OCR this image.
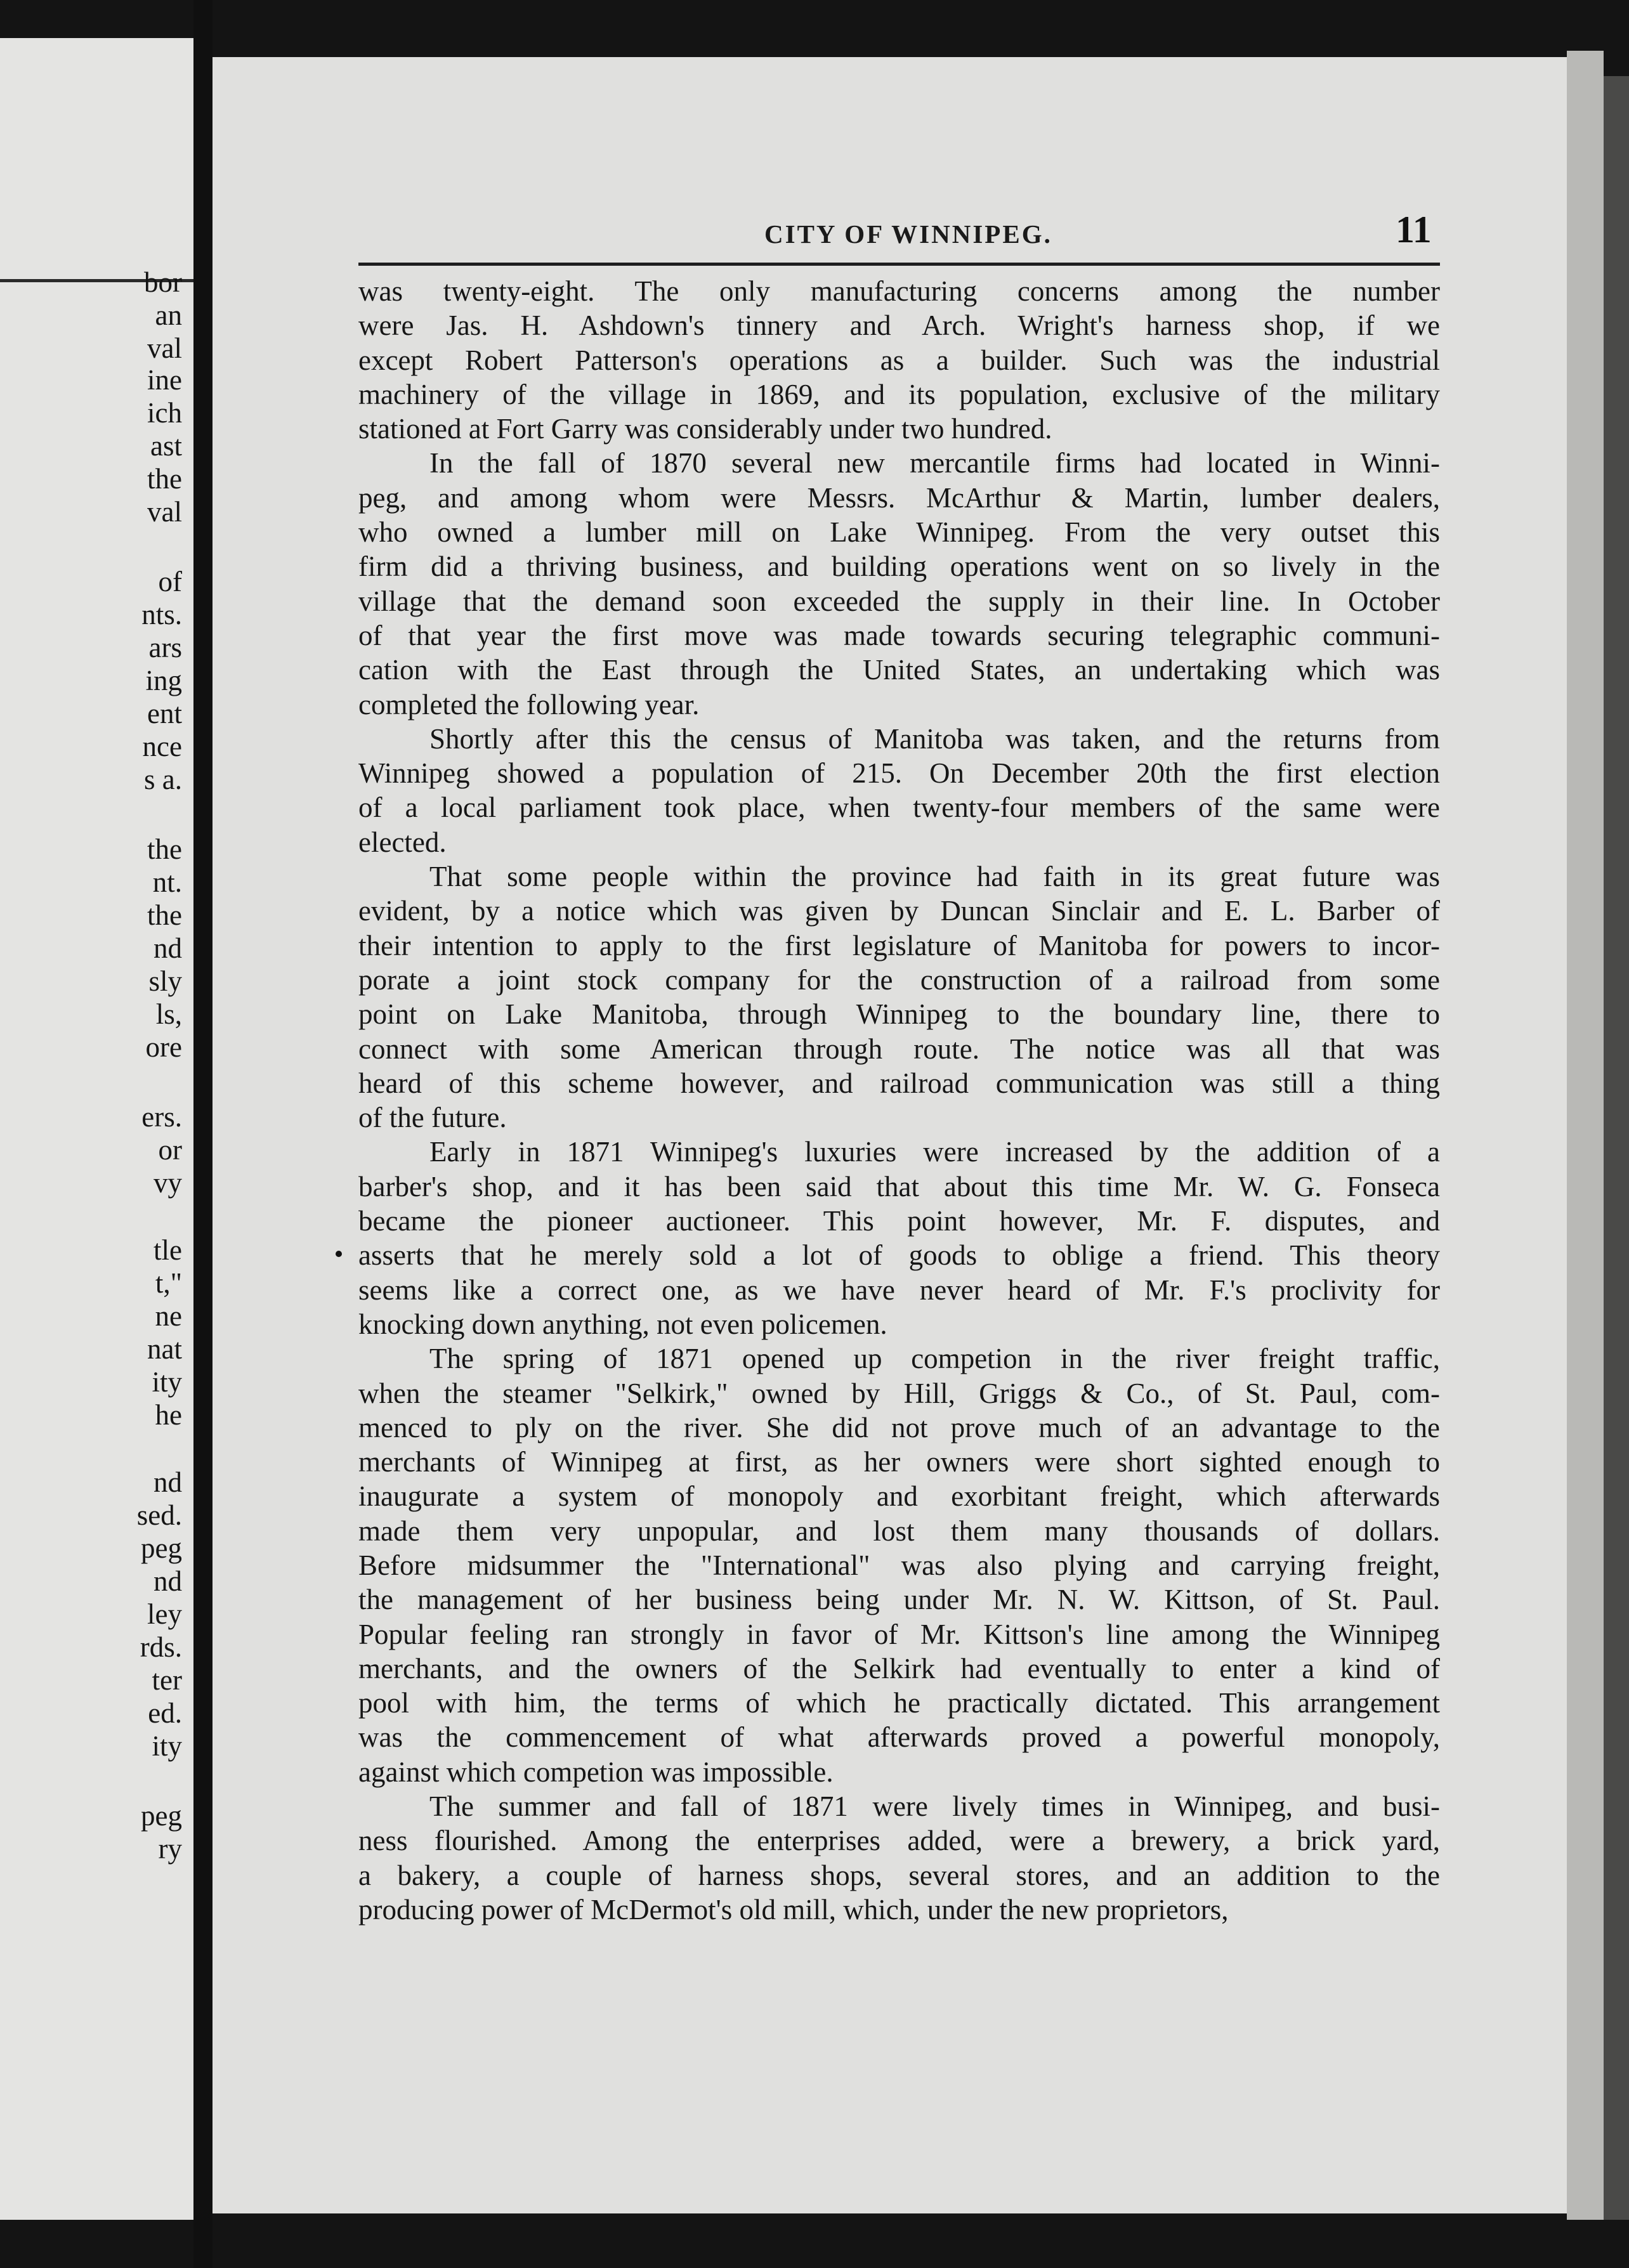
bor
an
val
ine
ich
ast
the
val
of
nts.
ars
ing
ent
nce
s a.
the
nt.
the
nd
sly
ls,
ore
ers.
or
vy
tle
t,"
ne
nat
ity
he
nd
sed.
peg
nd
ley
rds.
ter
ed.
ity
peg
ry
CITY OF WINNIPEG.	11
was twenty-eight. The only manufacturing concerns among the number
were Jas. H. Ashdown's tinnery and Arch. Wright's harness shop, if we
except Robert Patterson's operations as a builder. Such was the industrial
machinery of the village in 1869, and its population, exclusive of the military
stationed at Fort Garry was considerably under two hundred.
In the fall of 1870 several new mercantile firms had located in Winni-
peg, and among whom were Messrs. McArthur & Martin, lumber dealers,
who owned a lumber mill on Lake Winnipeg. From the very outset this
firm did a thriving business, and building operations went on so lively in the
village that the demand soon exceeded the supply in their line. In October
of that year the first move was made towards securing telegraphic communi-
cation with the East through the United States, an undertaking which was
completed the following year.
Shortly after this the census of Manitoba was taken, and the returns from
Winnipeg showed a population of 215. On December 20th the first election
of a local parliament took place, when twenty-four members of the same were
elected.
That some people within the province had faith in its great future was
evident, by a notice which was given by Duncan Sinclair and E. L. Barber of
their intention to apply to the first legislature of Manitoba for powers to incor-
porate a joint stock company for the construction of a railroad from some
point on Lake Manitoba, through Winnipeg to the boundary line, there to
connect with some American through route. The notice was all that was
heard of this scheme however, and railroad communication was still a thing
of the future.
Early in 1871 Winnipeg's luxuries were increased by the addition of a
barber's shop, and it has been said that about this time Mr. W. G. Fonseca
became the pioneer auctioneer. This point however, Mr. F. disputes, and
asserts that he merely sold a lot of goods to oblige a friend. This theory
seems like a correct one, as we have never heard of Mr. F.'s proclivity for
knocking down anything, not even policemen.
The spring of 1871 opened up competion in the river freight traffic,
when the steamer "Selkirk," owned by Hill, Griggs & Co., of St. Paul, com-
menced to ply on the river. She did not prove much of an advantage to the
merchants of Winnipeg at first, as her owners were short sighted enough to
inaugurate a system of monopoly and exorbitant freight, which afterwards
made them very unpopular, and lost them many thousands of dollars.
Before midsummer the "International" was also plying and carrying freight,
the management of her business being under Mr. N. W. Kittson, of St. Paul.
Popular feeling ran strongly in favor of Mr. Kittson's line among the Winnipeg
merchants, and the owners of the Selkirk had eventually to enter a kind of
pool with him, the terms of which he practically dictated. This arrangement
was the commencement of what afterwards proved a powerful monopoly,
against which competion was impossible.
The summer and fall of 1871 were lively times in Winnipeg, and busi-
ness flourished. Among the enterprises added, were a brewery, a brick yard,
a bakery, a couple of harness shops, several stores, and an addition to the
producing power of McDermot's old mill, which, under the new proprietors,
